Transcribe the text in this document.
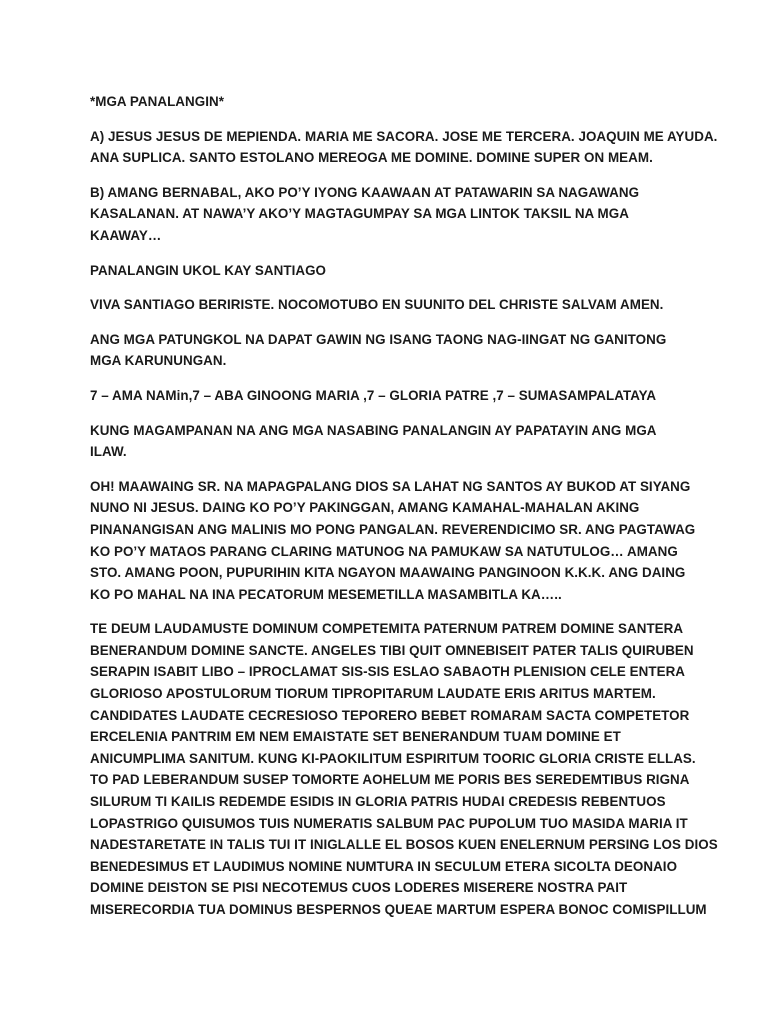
*MGA PANALANGIN*

A) JESUS JESUS DE MEPIENDA. MARIA ME SACORA. JOSE ME TERCERA. JOAQUIN ME AYUDA.
ANA SUPLICA. SANTO ESTOLANO MEREOGA ME DOMINE. DOMINE SUPER ON MEAM.

B) AMANG BERNABAL, AKO PO’Y IYONG KAAWAAN AT PATAWARIN SA NAGAWANG
KASALANAN. AT NAWA’Y AKO’Y MAGTAGUMPAY SA MGA LINTOK TAKSIL NA MGA
KAAWAY…

PANALANGIN UKOL KAY SANTIAGO

VIVA SANTIAGO BERIRISTE. NOCOMOTUBO EN SUUNITO DEL CHRISTE SALVAM AMEN.

ANG MGA PATUNGKOL NA DAPAT GAWIN NG ISANG TAONG NAG-IINGAT NG GANITONG
MGA KARUNUNGAN.

7 – AMA NAMin,7 – ABA GINOONG MARIA ,7 – GLORIA PATRE ,7 – SUMASAMPALATAYA

KUNG MAGAMPANAN NA ANG MGA NASABING PANALANGIN AY PAPATAYIN ANG MGA
ILAW.

OH! MAAWAING SR. NA MAPAGPALANG DIOS SA LAHAT NG SANTOS AY BUKOD AT SIYANG
NUNO NI JESUS. DAING KO PO’Y PAKINGGAN, AMANG KAMAHAL-MAHALAN AKING
PINANANGISAN ANG MALINIS MO PONG PANGALAN. REVERENDICIMO SR. ANG PAGTAWAG
KO PO’Y MATAOS PARANG CLARING MATUNOG NA PAMUKAW SA NATUTULOG… AMANG
STO. AMANG POON, PUPURIHIN KITA NGAYON MAAWAING PANGINOON K.K.K. ANG DAING
KO PO MAHAL NA INA PECATORUM MESEMETILLA MASAMBITLA KA…..

TE DEUM LAUDAMUSTE DOMINUM COMPETEMITA PATERNUM PATREM DOMINE SANTERA
BENERANDUM DOMINE SANCTE. ANGELES TIBI QUIT OMNEBISEIT PATER TALIS QUIRUBEN
SERAPIN ISABIT LIBO – IPROCLAMAT SIS-SIS ESLAO SABAOTH PLENISION CELE ENTERA
GLORIOSO APOSTULORUM TIORUM TIPROPITARUM LAUDATE ERIS ARITUS MARTEM.
CANDIDATES LAUDATE CECRESIOSO TEPORERO BEBET ROMARAM SACTA COMPETETOR
ERCELENIA PANTRIM EM NEM EMAISTATE SET BENERANDUM TUAM DOMINE ET
ANICUMPLIMA SANITUM. KUNG KI-PAOKILITUM ESPIRITUM TOORIC GLORIA CRISTE ELLAS.
TO PAD LEBERANDUM SUSEP TOMORTE AOHELUM ME PORIS BES SEREDEMTIBUS RIGNA
SILURUM TI KAILIS REDEMDE ESIDIS IN GLORIA PATRIS HUDAI CREDESIS REBENTUOS
LOPASTRIGO QUISUMOS TUIS NUMERATIS SALBUM PAC PUPOLUM TUO MASIDA MARIA IT
NADESTARETATE IN TALIS TUI IT INIGLALLE EL BOSOS KUEN ENELERNUM PERSING LOS DIOS
BENEDESIMUS ET LAUDIMUS NOMINE NUMTURA IN SECULUM ETERA SICOLTA DEONAIO
DOMINE DEISTON SE PISI NECOTEMUS CUOS LODERES MISERERE NOSTRA PAIT
MISERECORDIA TUA DOMINUS BESPERNOS QUEAE MARTUM ESPERA BONOC COMISPILLUM
